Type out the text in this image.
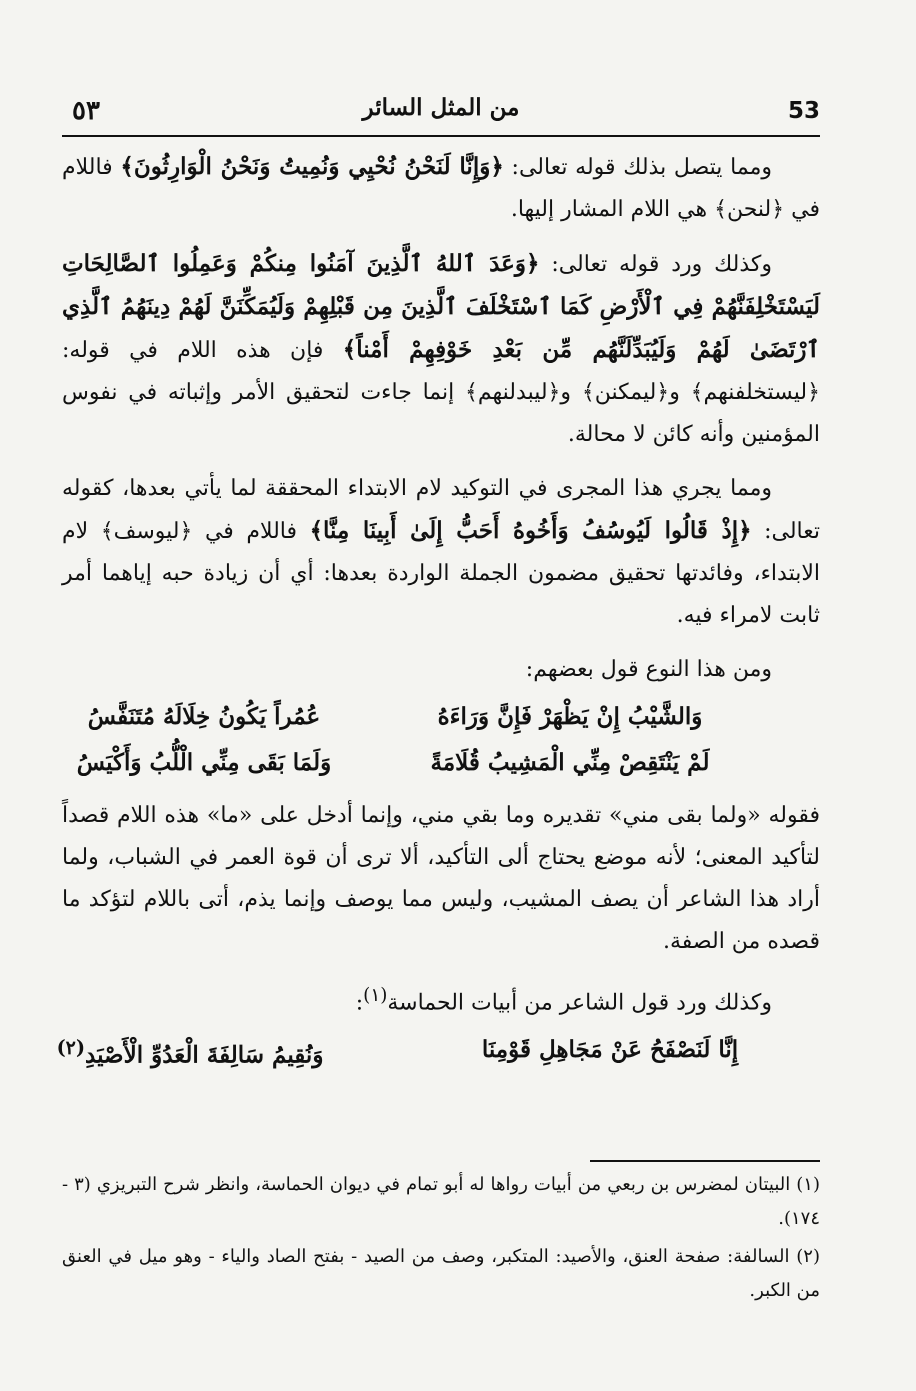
53
من المثل السائر
٥٣

ومما يتصل بذلك قوله تعالى: ﴿وَإِنَّا لَنَحْنُ نُحْيِي وَنُمِيتُ وَنَحْنُ الْوَارِثُونَ﴾ فاللام في ﴿لنحن﴾ هي اللام المشار إليها.

وكذلك ورد قوله تعالى: ﴿وَعَدَ ٱللهُ ٱلَّذِينَ آمَنُوا مِنكُمْ وَعَمِلُوا ٱلصَّالِحَاتِ لَيَسْتَخْلِفَنَّهُمْ فِي ٱلْأَرْضِ كَمَا ٱسْتَخْلَفَ ٱلَّذِينَ مِن قَبْلِهِمْ وَلَيُمَكِّنَنَّ لَهُمْ دِينَهُمُ ٱلَّذِي ٱرْتَضَىٰ لَهُمْ وَلَيُبَدِّلَنَّهُم مِّن بَعْدِ خَوْفِهِمْ أَمْناً﴾ فإن هذه اللام في قوله: ﴿ليستخلفنهم﴾ و﴿ليمكنن﴾ و﴿ليبدلنهم﴾ إنما جاءت لتحقيق الأمر وإثباته في نفوس المؤمنين وأنه كائن لا محالة.

ومما يجري هذا المجرى في التوكيد لام الابتداء المحققة لما يأتي بعدها، كقوله تعالى: ﴿إِذْ قَالُوا لَيُوسُفُ وَأَخُوهُ أَحَبُّ إِلَىٰ أَبِينَا مِنَّا﴾ فاللام في ﴿ليوسف﴾ لام الابتداء، وفائدتها تحقيق مضمون الجملة الواردة بعدها: أي أن زيادة حبه إياهما أمر ثابت لامراء فيه.

ومن هذا النوع قول بعضهم:

وَالشَّيْبُ إِنْ يَظْهَرْ فَإِنَّ وَرَاءَهُ
عُمُراً يَكُونُ خِلَالَهُ مُتَنَفَّسُ
لَمْ يَنْتَقِصْ مِنِّي الْمَشِيبُ قُلَامَةً
وَلَمَا بَقَى مِنِّي الْلُّبُ وَأَكْيَسُ

فقوله «ولما بقى مني» تقديره وما بقي مني، وإنما أدخل على «ما» هذه اللام قصداً لتأكيد المعنى؛ لأنه موضع يحتاج ألى التأكيد، ألا ترى أن قوة العمر في الشباب، ولما أراد هذا الشاعر أن يصف المشيب، وليس مما يوصف وإنما يذم، أتى باللام لتؤكد ما قصده من الصفة.

وكذلك ورد قول الشاعر من أبيات الحماسة$^{(١)}$:

إِنَّا لَنَصْفَحُ عَنْ مَجَاهِلِ قَوْمِنَا
وَنُقِيمُ سَالِفَةَ الْعَدُوِّ الْأَصْيَدِ$^{(٢)}$

(١) البيتان لمضرس بن ربعي من أبيات رواها له أبو تمام في ديوان الحماسة، وانظر شرح التبريزي (٣ - ١٧٤).

(٢) السالفة: صفحة العنق، والأصيد: المتكبر، وصف من الصيد - بفتح الصاد والياء - وهو ميل في العنق من الكبر.
